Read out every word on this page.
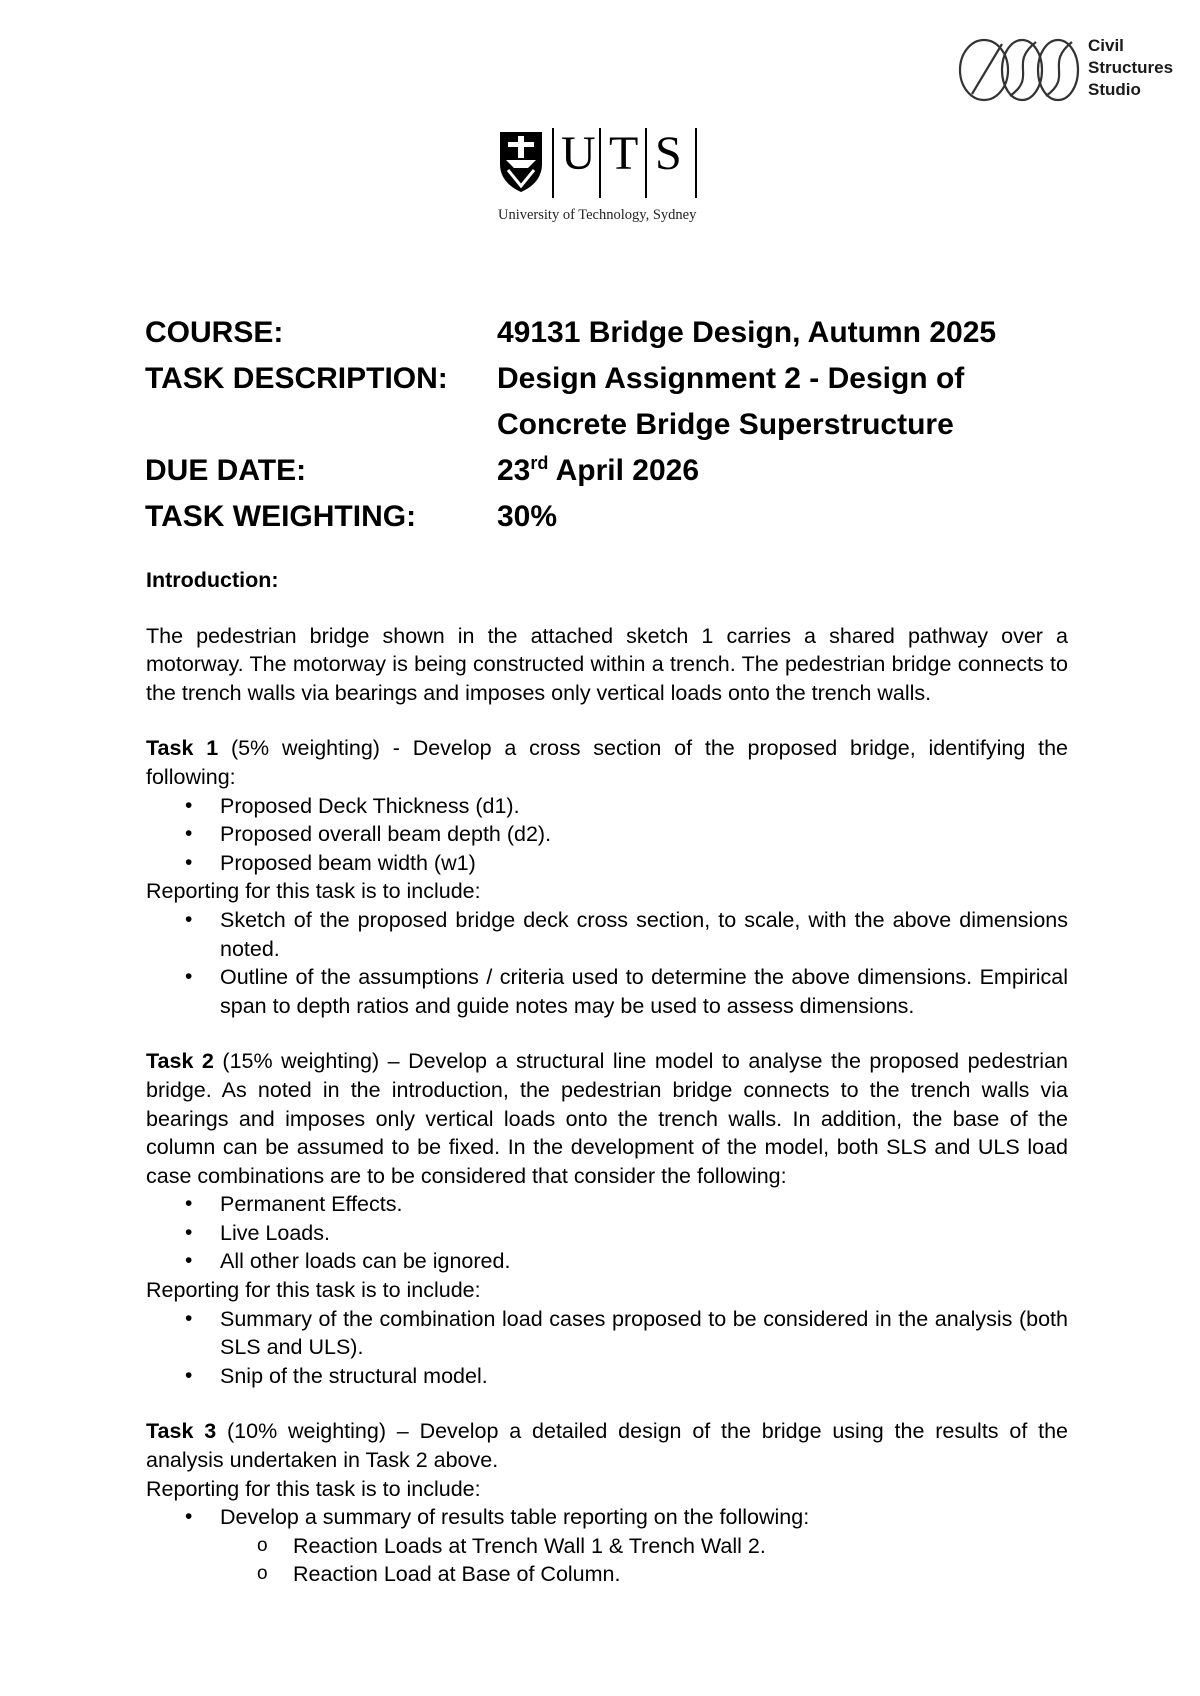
Civil
Structures
Studio
U T S
University of Technology, Sydney
COURSE:	49131 Bridge Design, Autumn 2025
TASK DESCRIPTION: Design Assignment 2 - Design of
Concrete Bridge Superstructure
DUE DATE:	23rd April 2026
TASK WEIGHTING:	30%

Introduction:

The pedestrian bridge shown in the attached sketch 1 carries a shared pathway over a motorway. The motorway is being constructed within a trench. The pedestrian bridge connects to the trench walls via bearings and imposes only vertical loads onto the trench walls.

Task 1 (5% weighting) - Develop a cross section of the proposed bridge, identifying the following:

• Proposed Deck Thickness (d1).
• Proposed overall beam depth (d2).
• Proposed beam width (w1)

Reporting for this task is to include:

• Sketch of the proposed bridge deck cross section, to scale, with the above dimensions noted.
• Outline of the assumptions / criteria used to determine the above dimensions. Empirical span to depth ratios and guide notes may be used to assess dimensions.

Task 2 (15% weighting) – Develop a structural line model to analyse the proposed pedestrian bridge. As noted in the introduction, the pedestrian bridge connects to the trench walls via bearings and imposes only vertical loads onto the trench walls. In addition, the base of the column can be assumed to be fixed. In the development of the model, both SLS and ULS load case combinations are to be considered that consider the following:

• Permanent Effects.
• Live Loads.
• All other loads can be ignored.

Reporting for this task is to include:

• Summary of the combination load cases proposed to be considered in the analysis (both SLS and ULS).
• Snip of the structural model.

Task 3 (10% weighting) – Develop a detailed design of the bridge using the results of the analysis undertaken in Task 2 above.

Reporting for this task is to include:

• Develop a summary of results table reporting on the following:
o Reaction Loads at Trench Wall 1 & Trench Wall 2.
o Reaction Load at Base of Column.
